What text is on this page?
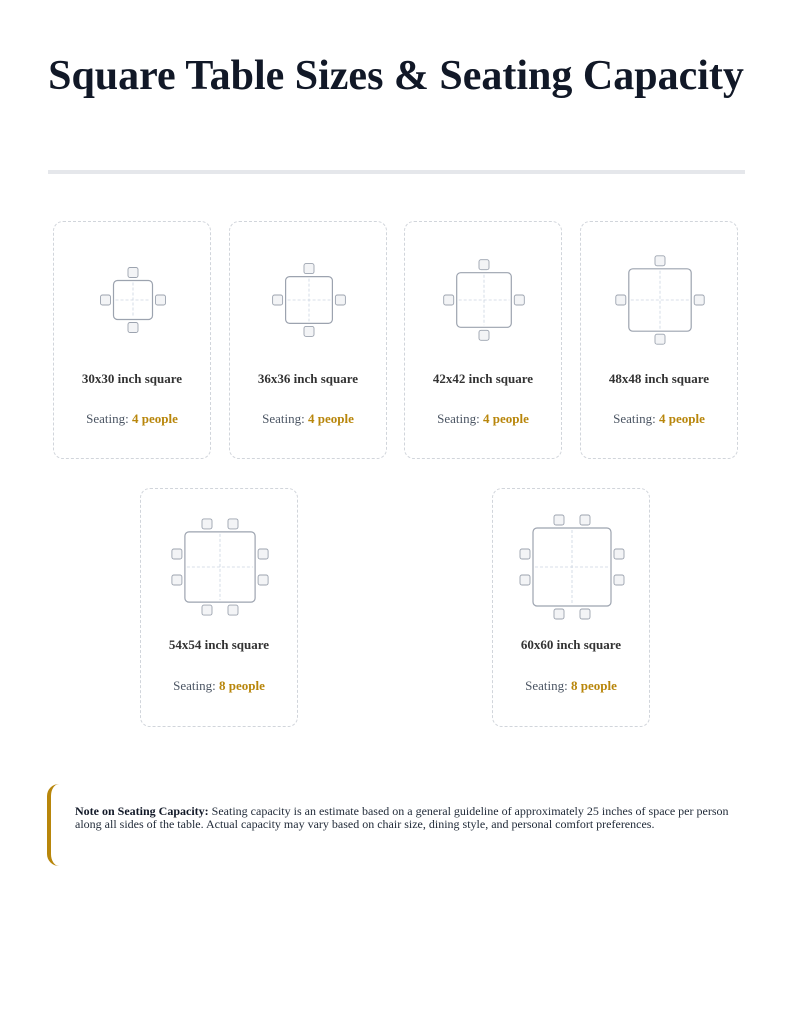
Square Table Sizes & Seating Capacity
30x30 inch square
Seating: 4 people
36x36 inch square
Seating: 4 people
42x42 inch square
Seating: 4 people
48x48 inch square
Seating: 4 people
54x54 inch square
Seating: 8 people
60x60 inch square
Seating: 8 people

Note on Seating Capacity: Seating capacity is an estimate based on a general guideline of approximately 25 inches of space per person along all sides of the table. Actual capacity may vary based on chair size, dining style, and personal comfort preferences.
